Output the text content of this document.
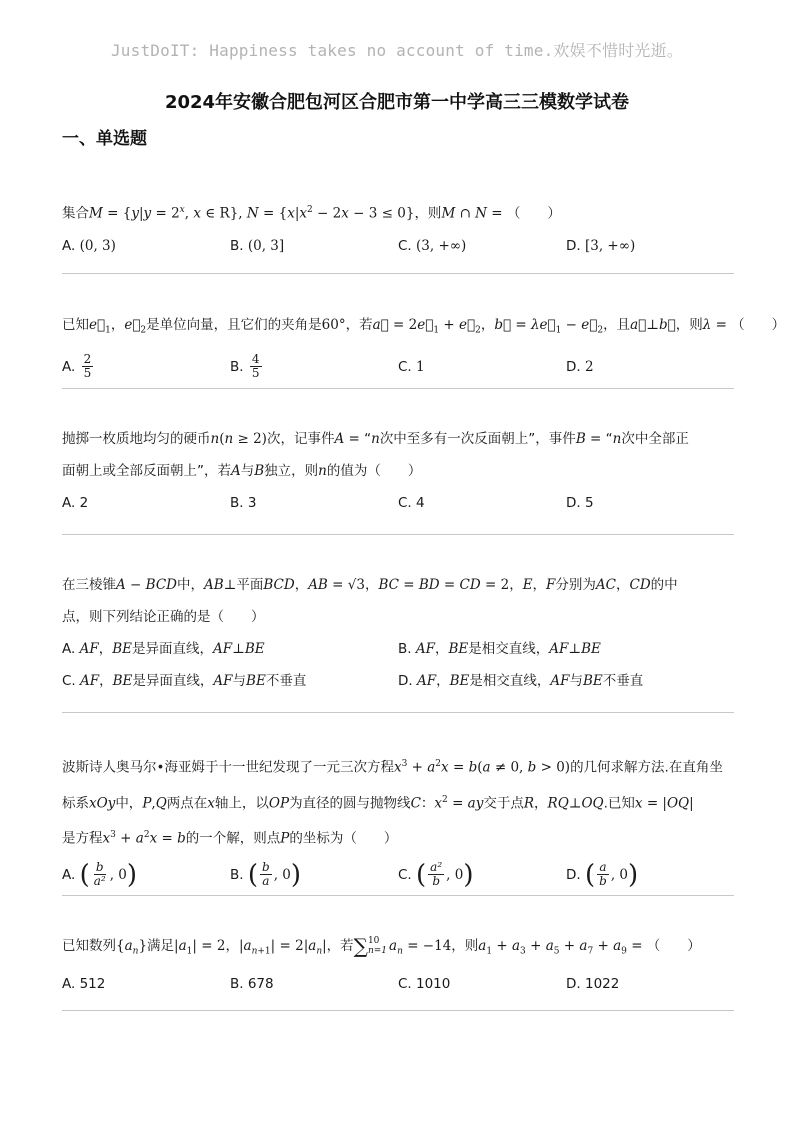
JustDoIT: Happiness takes no account of time.欢娱不惜时光逝。
2024年安徽合肥包河区合肥市第一中学高三三模数学试卷
一、单选题
集合$M = \{y|y = 2^x$, x ∈ R}, $N = \{x|x^2 - 2x - 3 \le 0\}$，则M ∩ N = （　　）
A. (0, 3)	B. (0, 3]	C. (3, +∞)	D. [3, +∞)
已知$e⃗_1$，$e⃗_2$是单位向量，且它们的夹角是60°，若a⃗ = $2e⃗_1$ + $e⃗_2$，b⃗ = $\lambda e⃗_1$ − $e⃗_2$，且a⃗⊥b⃗，则λ = （　　）
A. $\frac{2}{5}$	B. $\frac{4}{5}$	C. 1	D. 2
抛掷一枚质地均匀的硬币n(n ≥ 2)次，记事件A = “n次中至多有一次反面朝上”，事件B = “n次中全部正
面朝上或全部反面朝上”，若A与B独立，则n的值为（　　）
A. 2	B. 3	C. 4	D. 5
在三棱锥A − BCD中，AB⊥平面BCD，AB = √3，BC = BD = CD = 2，E，F分别为AC，CD的中
点，则下列结论正确的是（　　）
A. AF，BE是异面直线，AF⊥BE	B. AF，BE是相交直线，AF⊥BE
C. AF，BE是异面直线，AF与BE不垂直	D. AF，BE是相交直线，AF与BE不垂直
波斯诗人奥马尔•海亚姆于十一世纪发现了一元三次方程$x^3 + a^2x = b(a \ne 0$, b > 0)的几何求解方法.在直角坐
标系xOy中，P,Q两点在x轴上，以OP为直径的圆与抛物线C：$x^2$ = ay交于点R，RQ⊥OQ.已知x = |OQ|
是方程$x^3 + a^2x = b$的一个解，则点P的坐标为（　　）
A. ( $\frac{b}{\text{a²}}$ , 0)	B. ( $\frac{b}{a}$ , 0)	C. ( $\frac{\text{a²}}{b}$ , 0)	D. ( $\frac{a}{b}$ , 0)
已知数列$\{a_n\}$满足$|a_1| = 2$，$|a_{n+1}| = 2|a_n|$，若∑ 10
n=1 $a_n = -14$，则$a_1 + a_3 + a_5 + a_7 + a_9$ = （　　）
A. 512	B. 678	C. 1010	D. 1022
